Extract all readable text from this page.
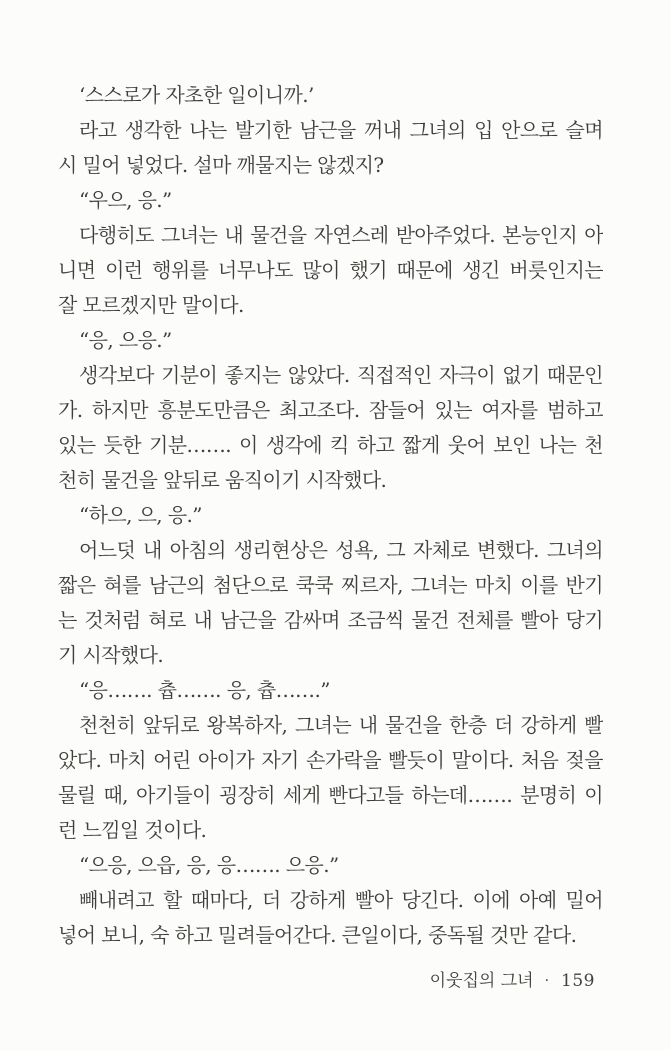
‘스스로가 자초한 일이니까.’
라고 생각한 나는 발기한 남근을 꺼내 그녀의 입 안으로 슬며
시 밀어 넣었다. 설마 깨물지는 않겠지?
“우으, 응.”
다행히도 그녀는 내 물건을 자연스레 받아주었다. 본능인지 아
니면 이런 행위를 너무나도 많이 했기 때문에 생긴 버릇인지는
잘 모르겠지만 말이다.
“응, 으응.”
생각보다 기분이 좋지는 않았다. 직접적인 자극이 없기 때문인
가. 하지만 흥분도만큼은 최고조다. 잠들어 있는 여자를 범하고
있는 듯한 기분……. 이 생각에 킥 하고 짧게 웃어 보인 나는 천
천히 물건을 앞뒤로 움직이기 시작했다.
“하으, 으, 응.”
어느덧 내 아침의 생리현상은 성욕, 그 자체로 변했다. 그녀의
짧은 혀를 남근의 첨단으로 쿡쿡 찌르자, 그녀는 마치 이를 반기
는 것처럼 혀로 내 남근을 감싸며 조금씩 물건 전체를 빨아 당기
기 시작했다.
“응……. 츕……. 응, 츕…….”
천천히 앞뒤로 왕복하자, 그녀는 내 물건을 한층 더 강하게 빨
았다. 마치 어린 아이가 자기 손가락을 빨듯이 말이다. 처음 젖을
물릴 때, 아기들이 굉장히 세게 빤다고들 하는데……. 분명히 이
런 느낌일 것이다.
“으응, 으읍, 응, 응……. 으응.”
빼내려고 할 때마다, 더 강하게 빨아 당긴다. 이에 아예 밀어
넣어 보니, 숙 하고 밀려들어간다. 큰일이다, 중독될 것만 같다.
이웃집의 그녀 · 159
